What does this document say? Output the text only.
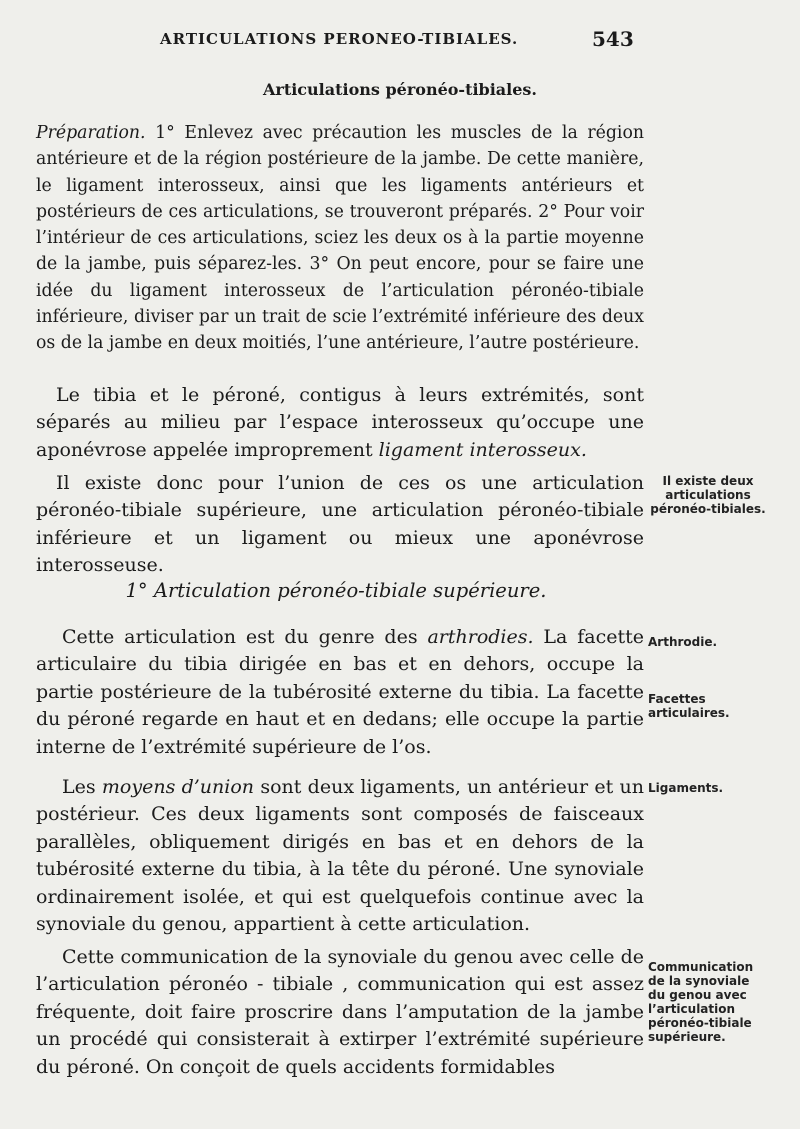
ARTICULATIONS PERONEO-TIBIALES.	543
Articulations péronéo-tibiales.
Préparation. 1° Enlevez avec précaution les muscles de la région antérieure et de la région postérieure de la jambe. De cette manière, le ligament interosseux, ainsi que les ligaments antérieurs et postérieurs de ces articulations, se trouveront préparés. 2° Pour voir l’intérieur de ces articulations, sciez les deux os à la partie moyenne de la jambe, puis séparez-les. 3° On peut encore, pour se faire une idée du ligament interosseux de l’articulation péronéo-tibiale inférieure, diviser par un trait de scie l’extrémité inférieure des deux os de la jambe en deux moitiés, l’une antérieure, l’autre postérieure.
Le tibia et le péroné, contigus à leurs extrémités, sont séparés au milieu par l’espace interosseux qu’occupe une aponévrose appelée improprement ligament interosseux.
Il existe donc pour l’union de ces os une articulation péronéo-tibiale supérieure, une articulation péronéo-tibiale inférieure et un ligament ou mieux une aponévrose interosseuse.
1° Articulation péronéo-tibiale supérieure.
Cette articulation est du genre des arthrodies. La facette articulaire du tibia dirigée en bas et en dehors, occupe la partie postérieure de la tubérosité externe du tibia. La facette du péroné regarde en haut et en dedans; elle occupe la partie interne de l’extrémité supérieure de l’os.
Les moyens d’union sont deux ligaments, un antérieur et un postérieur. Ces deux ligaments sont composés de faisceaux parallèles, obliquement dirigés en bas et en dehors de la tubérosité externe du tibia, à la tête du péroné. Une synoviale ordinairement isolée, et qui est quelquefois continue avec la synoviale du genou, appartient à cette articulation.
Cette communication de la synoviale du genou avec celle de l’articulation péronéo - tibiale , communication qui est assez fréquente, doit faire proscrire dans l’amputation de la jambe un procédé qui consisterait à extirper l’extrémité supérieure du péroné. On conçoit de quels accidents formidables
Il existe deux articulations péronéo-tibiales.
Arthrodie.
Facettes articulaires.
Ligaments.
Communication de la synoviale du genou avec l’articulation péronéo-tibiale supérieure.
